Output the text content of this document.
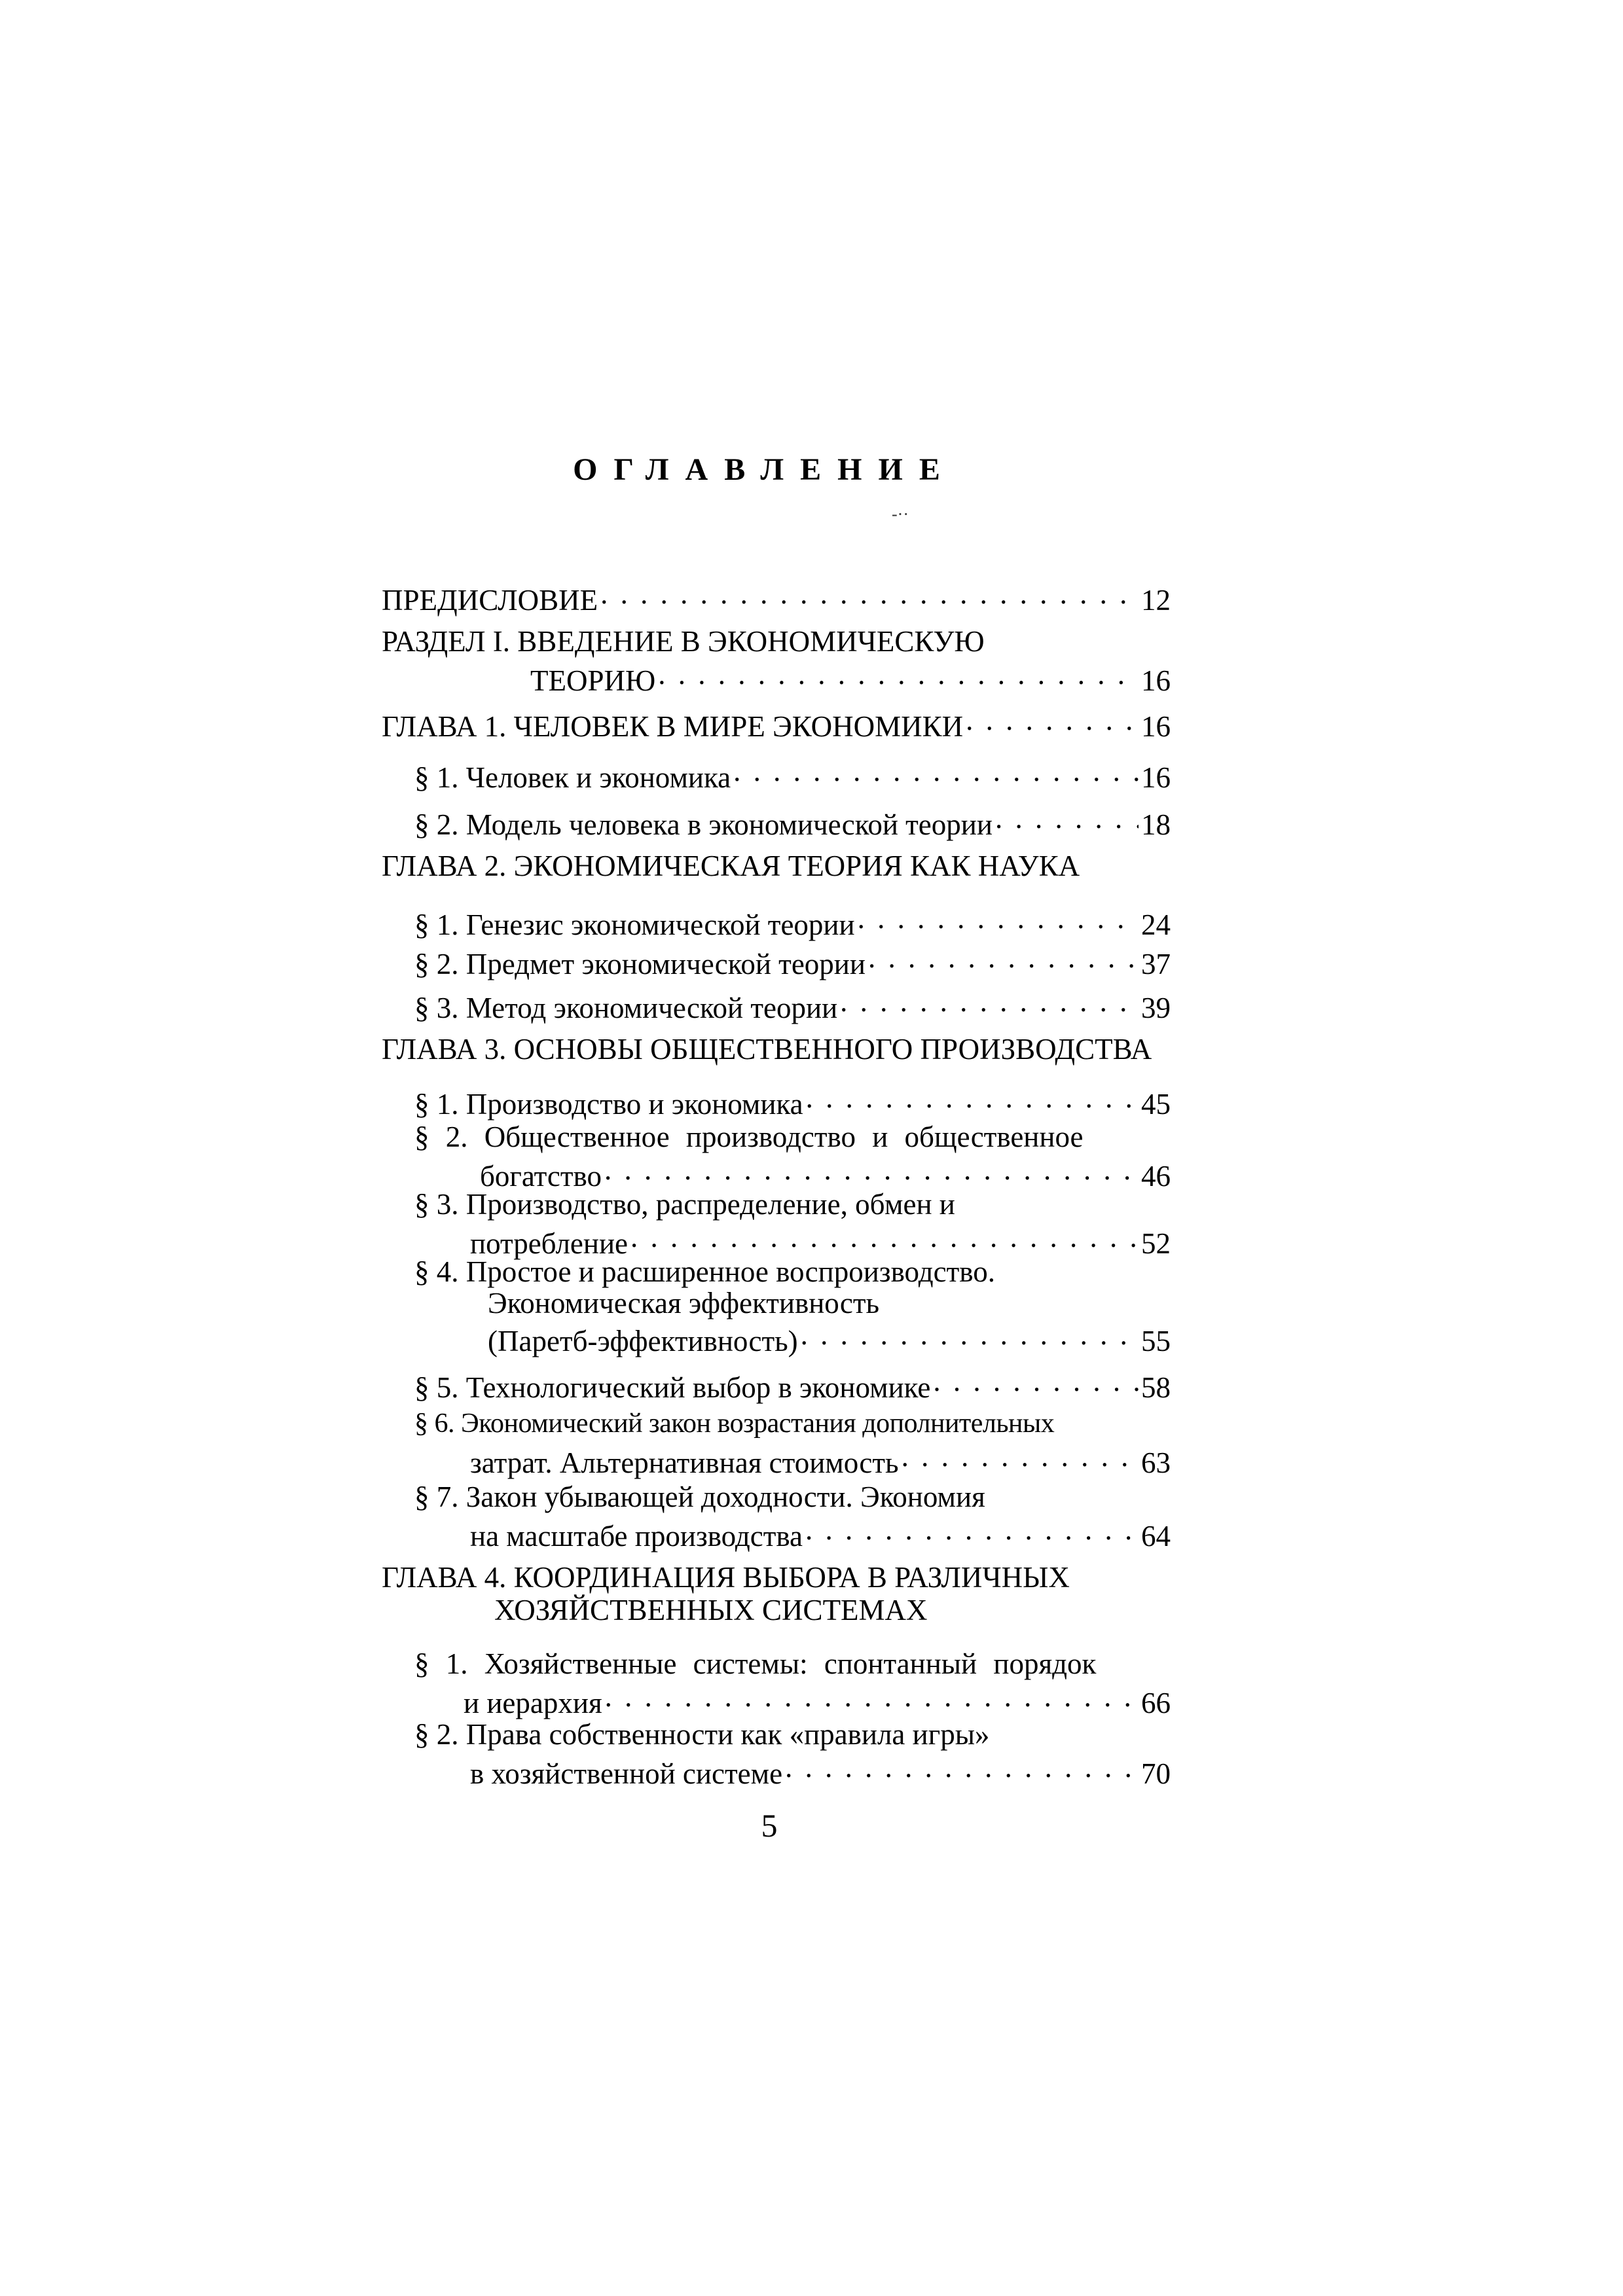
ОГЛАВЛЕНИЕ
-··
ПРЕДИСЛОВИЕ . . .	12
РАЗДЕЛ I. ВВЕДЕНИЕ В ЭКОНОМИЧЕСКУЮ
ТЕОРИЮ . . .	16
ГЛАВА 1. ЧЕЛОВЕК В МИРЕ ЭКОНОМИКИ . . .	16
§ 1. Человек и экономика . . .	16
§ 2. Модель человека в экономической теории . . .	18
ГЛАВА 2. ЭКОНОМИЧЕСКАЯ ТЕОРИЯ КАК НАУКА
§ 1. Генезис экономической теории . . .	24
§ 2. Предмет экономической теории . . .	37
§ 3. Метод экономической теории . . .	39
ГЛАВА 3. ОСНОВЫ ОБЩЕСТВЕННОГО ПРОИЗВОДСТВА
§ 1. Производство и экономика . . .	45
§ 2. Общественное производство и общественное
богатство . . .	46
§ 3. Производство, распределение, обмен и
потребление . . .	52
§ 4. Простое и расширенное воспроизводство.
Экономическая эффективность
(Паретб-эффективность) . . .	55
§ 5. Технологический выбор в экономике . . .	58
§ 6. Экономический закон возрастания дополнительных
затрат. Альтернативная стоимость . . .	63
§ 7. Закон убывающей доходности. Экономия
на масштабе производства . . .	64
ГЛАВА 4. КООРДИНАЦИЯ ВЫБОРА В РАЗЛИЧНЫХ
ХОЗЯЙСТВЕННЫХ СИСТЕМАХ
§ 1. Хозяйственные системы: спонтанный порядок
и иерархия . . .	66
§ 2. Права собственности как «правила игры»
в хозяйственной системе . . .	70
5
